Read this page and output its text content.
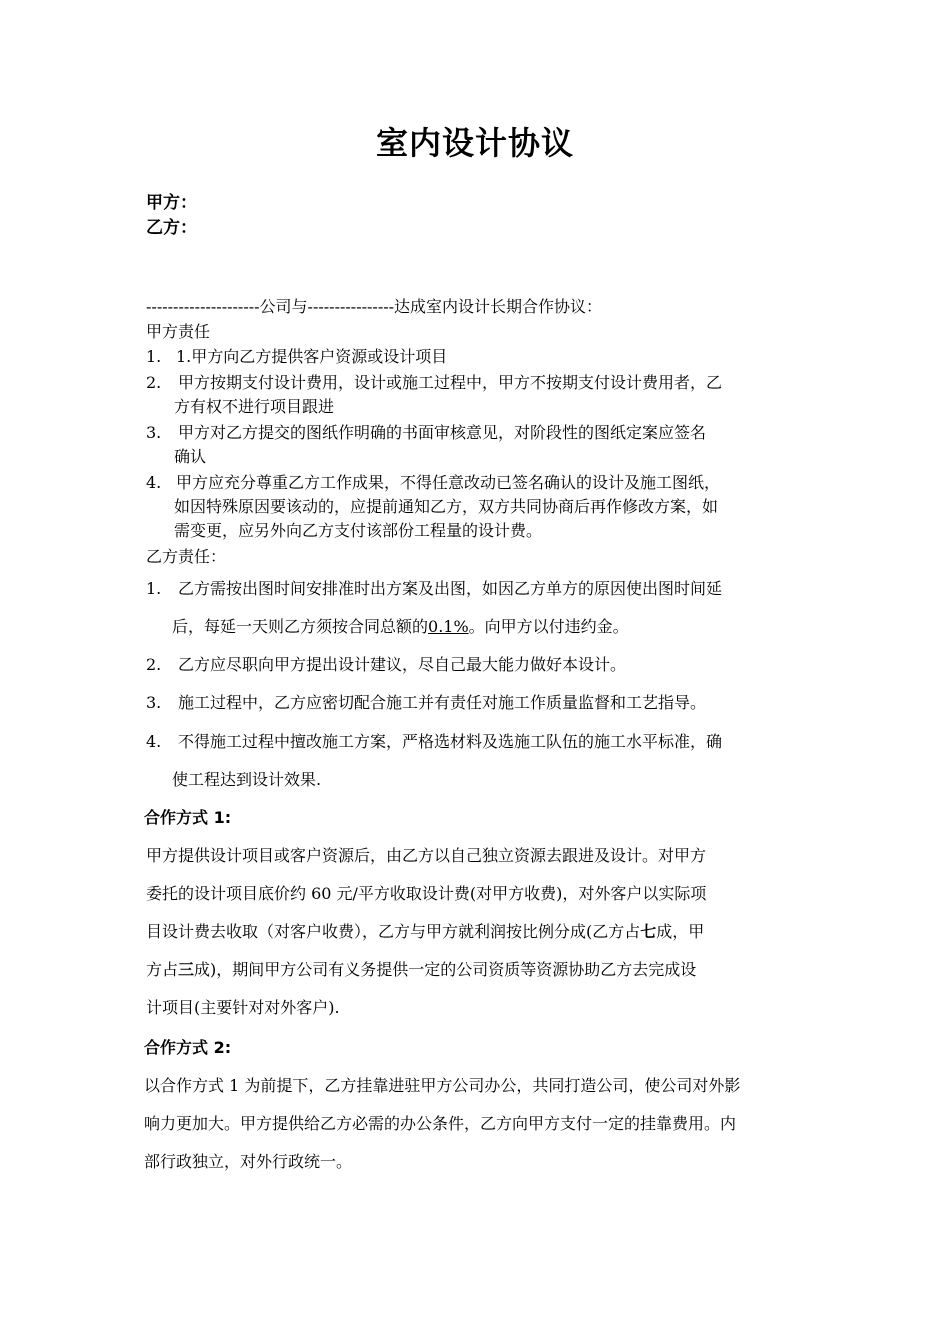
室内设计协议
甲方：
乙方：
---------------------公司与----------------达成室内设计长期合作协议：
甲方责任
1. 1.甲方向乙方提供客户资源或设计项目
2. 甲方按期支付设计费用，设计或施工过程中，甲方不按期支付设计费用者，乙
方有权不进行项目跟进
3. 甲方对乙方提交的图纸作明确的书面审核意见，对阶段性的图纸定案应签名
确认
4. 甲方应充分尊重乙方工作成果，不得任意改动已签名确认的设计及施工图纸，
如因特殊原因要该动的，应提前通知乙方，双方共同协商后再作修改方案，如
需变更，应另外向乙方支付该部份工程量的设计费。
乙方责任：
1. 乙方需按出图时间安排准时出方案及出图，如因乙方单方的原因使出图时间延
后，每延一天则乙方须按合同总额的0.1%。向甲方以付违约金。
2. 乙方应尽职向甲方提出设计建议，尽自己最大能力做好本设计。
3. 施工过程中，乙方应密切配合施工并有责任对施工作质量监督和工艺指导。
4. 不得施工过程中擅改施工方案，严格选材料及选施工队伍的施工水平标准，确
使工程达到设计效果.
合作方式 1:
甲方提供设计项目或客户资源后，由乙方以自己独立资源去跟进及设计。对甲方
委托的设计项目底价约 60 元/平方收取设计费(对甲方收费)，对外客户以实际项
目设计费去收取（对客户收费），乙方与甲方就利润按比例分成(乙方占七成，甲
方占三成)，期间甲方公司有义务提供一定的公司资质等资源协助乙方去完成设
计项目(主要针对对外客户).
合作方式 2:
以合作方式 1 为前提下，乙方挂靠进驻甲方公司办公，共同打造公司，使公司对外影
响力更加大。甲方提供给乙方必需的办公条件，乙方向甲方支付一定的挂靠费用。内
部行政独立，对外行政统一。
